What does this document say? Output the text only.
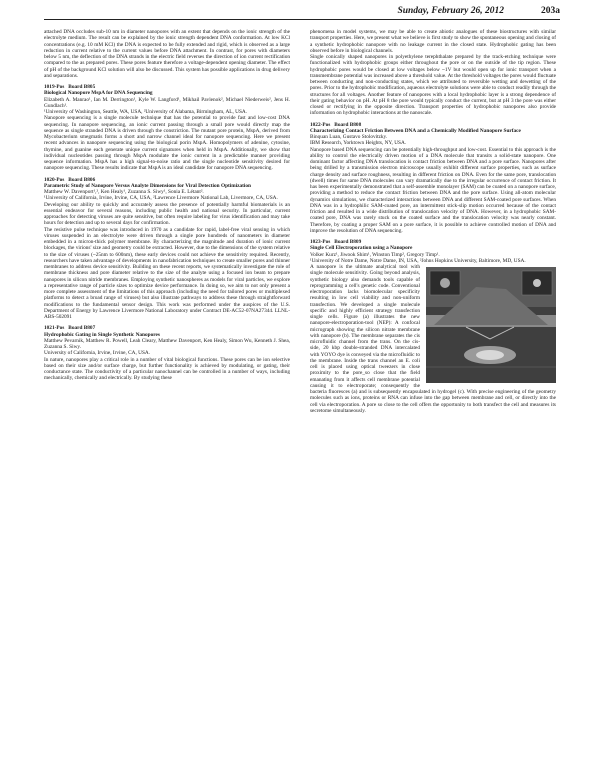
Sunday, February 26, 2012	203a

attached DNA occludes sub-10 nm in diameter nanopores with an extent that depends on the ionic strength of the electrolyte medium. The result can be explained by the ionic strength dependent DNA conformation. At low KCl concentrations (e.g. 10 mM KCl) the DNA is expected to be fully extended and rigid, which is observed as a large reduction in current relative to the current values before DNA attachment. In contrast, for pores with diameters below 5 nm, the deflection of the DNA strands in the electric field reverses the direction of ion current rectification compared to the as prepared pores. These pores feature therefore a voltage-dependent opening diameter. The effect of pH of the background KCl solution will also be discussed. This system has possible applications in drug delivery and separations.

1019-Pos Board B805
Biological Nanopore MspA for DNA Sequencing
Elizabeth A. Manrao¹, Ian M. Derrington¹, Kyle W. Langford¹, Mikhail Pavlenok², Michael Niederweis², Jens H. Gundlach¹.
¹University of Washington, Seattle, WA, USA, ²University of Alabama, Birmingham, AL, USA.

Nanopore sequencing is a single molecule technique that has the potential to provide fast and low-cost DNA sequencing. In nanopore sequencing, an ionic current passing through a small pore would directly map the sequence as single stranded DNA is driven through the constriction. The mutant pore protein, MspA, derived from Mycobacterium smegmatis forms a short and narrow channel ideal for nanopore sequencing. Here we present recent advances in nanopore sequencing using the biological porin MspA. Homopolymers of adenine, cytosine, thymine, and guanine each generate unique current signatures when held in MspA. Additionally, we show that individual nucleotides passing through MspA modulate the ionic current in a predictable manner providing sequence information. MspA has a high signal-to-noise ratio and the single nucleotide sensitivity desired for nanopore sequencing. These results indicate that MspA is an ideal candidate for nanopore DNA sequencing.

1020-Pos Board B806
Parametric Study of Nanopore Versus Analyte Dimensions for Viral Detection Optimization
Matthew W. Davenport¹,², Ken Healy¹, Zuzanna S. Siwy¹, Sonia E. Létant².
¹University of California, Irvine, Irvine, CA, USA, ²Lawrence Livermore National Lab, Livermore, CA, USA.

Developing our ability to quickly and accurately assess the presence of potentially harmful biomaterials is an essential endeavor for several reasons, including public health and national security. In particular, current approaches for detecting viruses are quite sensitive, but often require labeling for virus identification and may take hours for detection and up to several days for confirmation.

The resistive pulse technique was introduced in 1970 as a candidate for rapid, label-free viral sensing in which viruses suspended in an electrolyte were driven through a single pore hundreds of nanometers in diameter embedded in a micron-thick polymer membrane. By characterizing the magnitude and duration of ionic current blockages, the virions' size and geometry could be extracted. However, due to the dimensions of the system relative to the size of viruses (~25nm to 600nm), these early devices could not achieve the sensitivity required. Recently, researchers have taken advantage of developments in nanofabrication techniques to create smaller pores and thinner membranes to address device sensitivity. Building on these recent reports, we systematically investigate the role of membrane thickness and pore diameter relative to the size of the analyte using a focused ion beam to prepare nanopores in silicon nitride membranes. Employing synthetic nanospheres as models for viral particles, we explore a representative range of particle sizes to optimize device performance. In doing so, we aim to not only present a more complete assessment of the limitations of this approach (including the need for tailored pores or multiplexed platforms to detect a broad range of viruses) but also illustrate pathways to address these through straightforward modifications to the fundamental sensor design. This work was performed under the auspices of the U.S. Department of Energy by Lawrence Livermore National Laboratory under Contract DE-AC52-07NA27344. LLNL-ABS-502091

1021-Pos Board B807
Hydrophobic Gating in Single Synthetic Nanopores
Matthew Pevarnik, Matthew R. Powell, Leah Cleary, Matthew Davenport, Ken Healy, Simon Wu, Kenneth J. Shea, Zuzanna S. Siwy.
University of California, Irvine, Irvine, CA, USA.

In nature, nanopores play a critical role in a number of vital biological functions. These pores can be ion selective based on their size and/or surface charge, but further functionality is achieved by modulating, or gating, their conductance state. The conductivity of a particular nanochannel can be controlled in a number of ways, including mechanically, chemically and electrically. By studying these

phenomena in model systems, we may be able to create abiotic analogues of these biostructures with similar transport properties. Here, we present what we believe is first study to show the spontaneous opening and closing of a synthetic hydrophobic nanopore with no leakage current in the closed state. Hydrophobic gating has been observed before in biological channels.

Single conically shaped nanopores in polyethylene terephthalate prepared by the track-etching technique were functionalized with hydrophobic groups either throughout the pore or on the outside of the tip region. These hydrophobic pores would be closed at low voltages below ~1V but would open up for ionic transport when a transmembrane potential was increased above a threshold value. At the threshold voltages the pores would fluctuate between conducting and non-conducting states, which we attributed to reversible wetting and dewetting of the pores. Prior to the hydrophobic modification, aqueous electrolyte solutions were able to conduct readily through the structures for all voltages. Another feature of nanopores with a local hydrophobic layer is a strong dependence of their gating behavior on pH. At pH 8 the pore would typically conduct the current, but at pH 3 the pore was either closed or rectifying in the opposite direction. Transport properties of hydrophobic nanopores also provide information on hydrophobic interactions at the nanoscale.

1022-Pos Board B808
Characterizing Contact Friction Between DNA and a Chemically Modified Nanopore Surface
Binquan Luan, Gustavo Stolovitzky.
IBM Research, Yorktown Heights, NY, USA.

Nanopore based DNA sequencing can be potentially high-throughput and low-cost. Essential to this approach is the ability to control the electrically driven motion of a DNA molecule that transits a solid-state nanopore. One dominant factor affecting DNA translocation is contact friction between DNA and a pore surface. Nanopores after being drilled by a transmission electron microscope usually exhibit different surface properties, such as surface charge density and surface roughness, resulting in different friction on DNA. Even for the same pore, translocation (dwell) times for same DNA molecules can vary dramatically due to the irregular occurrence of contact friction. It has been experimentally demonstrated that a self-assemble monolayer (SAM) can be coated on a nanopore surface, providing a method to reduce the contact friction between DNA and the pore surface. Using all-atom molecular dynamics simulations, we characterized interactions between DNA and different SAM-coated pore surfaces. When DNA was in a hydrophilic SAM-coated pore, an intermittent stick-slip motion occurred because of the contact friction and resulted in a wide distribution of translocation velocity of DNA. However, in a hydrophobic SAM-coated pore, DNA was rarely stuck on the coated surface and the translocation velocity was nearly constant. Therefore, by coating a proper SAM on a pore surface, it is possible to achieve controlled motion of DNA and improve the resolution of DNA sequencing.

1023-Pos Board B809
Single Cell Electroporation using a Nanopore
Volker Kurz¹, Jiwook Shim¹, Winston Timp², Gregory Timp¹.
¹University of Notre Dame, Notre Dame, IN, USA, ²Johns Hopkins University, Baltimore, MD, USA.

A nanopore is the ultimate analytical tool with single molecule sensitivity. Going beyond analysis, synthetic biology also demands tools capable of reprogramming a cell's genetic code. Conventional electroporation lacks biomolecular specificity resulting in low cell viability and non-uniform transfection. We developed a single molecule specific and highly efficient strategy transfection single cells. Figure (a) illustrates the new nanopore-electroporation-tool (NEP): A confocal micrograph showing the silicon nitrate membrane with nanopore (b). The membrane separates the cis microfluidic channel from the trans. On the cis-side, 20 kbp double-stranded DNA intercalated with YOYO dye is conveyed via the microfluidic to the membrane. Inside the trans channel an E. coli cell is placed using optical tweezers in close proximity to the pore_so close that the field emanating from it affects cell membrane potential causing it to electroporate; consequently the bacteria fluoresces (a) and is subsequently encapsulated in hydrogel (c). With precise engineering of the geometry molecules such as ions, proteins or RNA can infuse into the gap between membrane and cell, or directly into the cell via electroporation. A pore so close to the cell offers the opportunity to both transfect the cell and measures its secretome simultaneously.
